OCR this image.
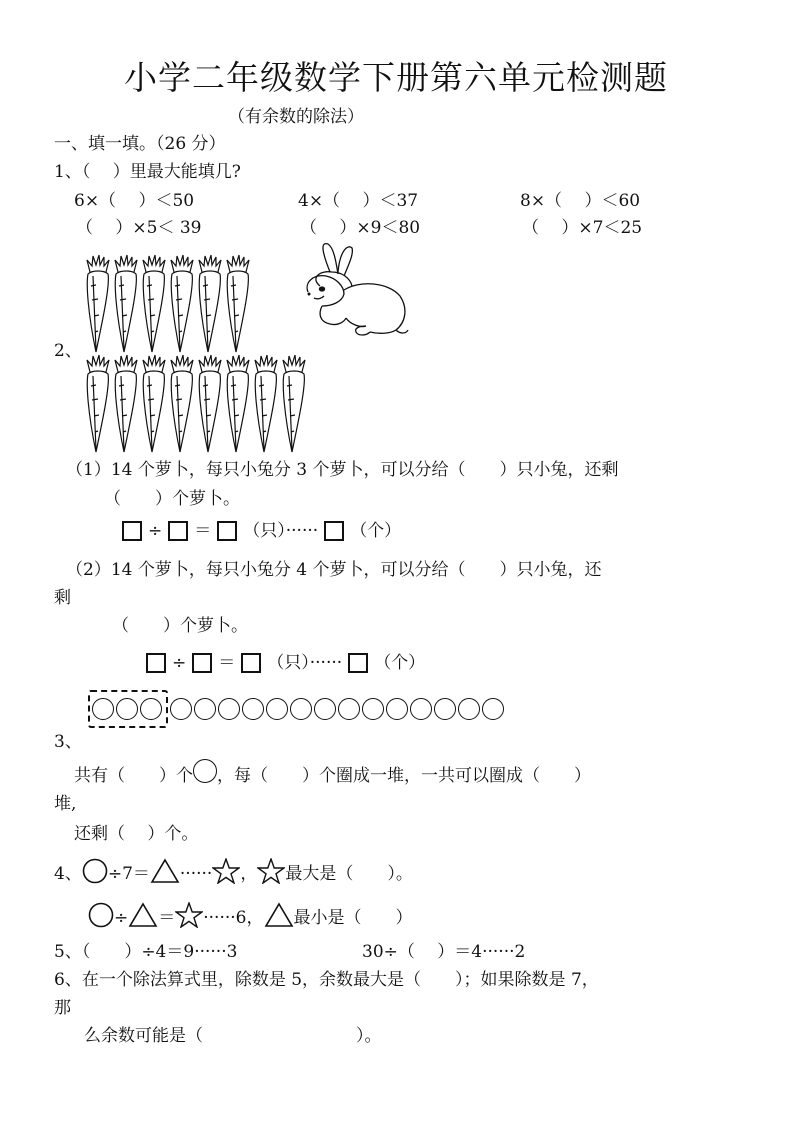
小学二年级数学下册第六单元检测题
（有余数的除法）
一、填一填。（26 分）
1、（　 ）里最大能填几?
6×（　 ）＜50	4×（　 ）＜37	8×（　 ）＜60
（　 ）×5＜ 39	（　 ）×9＜80	（　 ）×7＜25
2、
（1）14 个萝卜，每只小兔分 3 个萝卜，可以分给（　　）只小兔，还剩
（　　）个萝卜。
÷ ＝ （只）······ （个）
（2）14 个萝卜，每只小兔分 4 个萝卜，可以分给（　　）只小兔，还
剩
（　　）个萝卜。
÷ ＝ （只）······ （个）
3、
共有（　　）个 ，每（　　）个圈成一堆，一共可以圈成（　　）
堆,
还剩（　 ）个。
4、 ÷7＝ ······ ， 最大是（　　）。
÷ ＝ ······6， 最小是（　　）
5、（　　）÷4＝9······3	30÷（　 ）＝4······2
6、在一个除法算式里，除数是 5，余数最大是（　　）；如果除数是 7，
那
么余数可能是（　　　　　　　　　）。
